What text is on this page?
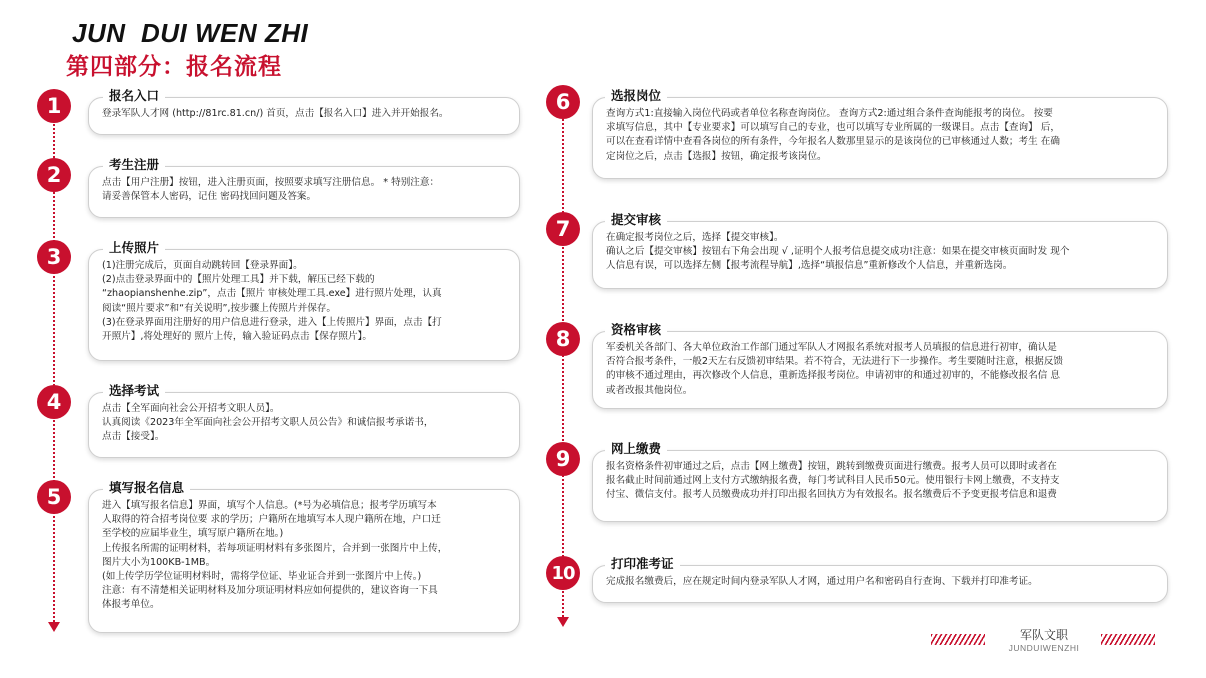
JUN  DUI WEN ZHI
第四部分：报名流程
1	报名入口

登录军队人才网 (http://81rc.81.cn/) 首页，点击【报名入口】进入并开始报名。

2	考生注册

点击【用户注册】按钮，进入注册页面，按照要求填写注册信息。 * 特别注意：
请妥善保管本人密码，记住 密码找回问题及答案。

3	上传照片

(1)注册完成后，页面自动跳转回【登录界面】。
(2)点击登录界面中的【照片处理工具】并下载，解压已经下载的
“zhaopianshenhe.zip”，点击【照片 审核处理工具.exe】进行照片处理，认真
阅读“照片要求”和“有关说明”,按步骤上传照片并保存。
(3)在登录界面用注册好的用户信息进行登录，进入【上传照片】界面，点击【打
开照片】,将处理好的 照片上传，输入验证码点击【保存照片】。

4	选择考试

点击【全军面向社会公开招考文职人员】。
认真阅读《2023年全军面向社会公开招考文职人员公告》和诚信报考承诺书，
点击【接受】。

5	填写报名信息

进入【填写报名信息】界面，填写个人信息。(*号为必填信息；报考学历填写本
人取得的符合招考岗位要 求的学历；户籍所在地填写本人现户籍所在地，户口迁
至学校的应届毕业生，填写原户籍所在地。)
上传报名所需的证明材料，若每项证明材料有多张图片，合并到一张图片中上传，
图片大小为100KB-1MB。
(如上传学历学位证明材料时，需将学位证、毕业证合并到一张图片中上传。)
注意：有不清楚相关证明材料及加分项证明材料应如何提供的，建议咨询一下具
体报考单位。

6	选报岗位

查询方式1:直接输入岗位代码或者单位名称查询岗位。 查询方式2:通过组合条件查询能报考的岗位。 按要
求填写信息，其中【专业要求】可以填写自己的专业，也可以填写专业所属的一级课目。点击【查询】 后，
可以在查看详情中查看各岗位的所有条件，今年报名人数那里显示的是该岗位的已审核通过人数；考生 在确
定岗位之后，点击【选报】按钮，确定报考该岗位。

7	提交审核

在确定报考岗位之后，选择【提交审核】。
确认之后【提交审核】按钮右下角会出现 √ ,证明个人报考信息提交成功!注意：如果在提交审核页面时发 现个
人信息有误，可以选择左侧【报考流程导航】,选择“填报信息”重新修改个人信息，并重新选岗。

8	资格审核

军委机关各部门、各大单位政治工作部门通过军队人才网报名系统对报考人员填报的信息进行初审，确认是
否符合报考条件，一般2天左右反馈初审结果。若不符合，无法进行下一步操作。考生要随时注意，根据反馈
的审核不通过理由，再次修改个人信息，重新选择报考岗位。申请初审的和通过初审的，不能修改报名信 息
或者改报其他岗位。

9	网上缴费

报名资格条件初审通过之后，点击【网上缴费】按钮，跳转到缴费页面进行缴费。报考人员可以即时或者在
报名截止时间前通过网上支付方式缴纳报名费，每门考试科目人民币50元。使用银行卡网上缴费，不支持支
付宝、微信支付。报考人员缴费成功并打印出报名回执方为有效报名。报名缴费后不予变更报考信息和退费

10	打印准考证

完成报名缴费后，应在规定时间内登录军队人才网，通过用户名和密码自行查询、下载并打印准考证。

军队文职
JUNDUIWENZHI
